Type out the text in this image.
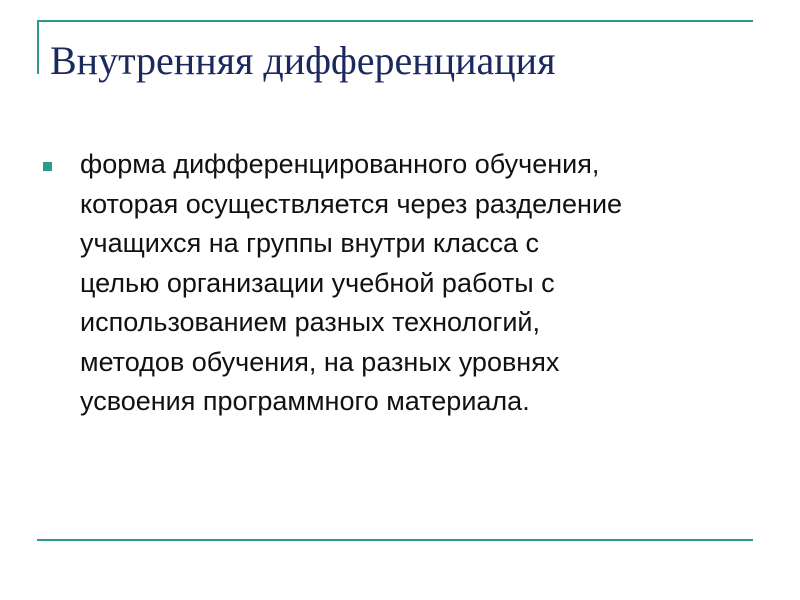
Внутренняя дифференциация
форма дифференцированного обучения,
которая осуществляется через разделение
учащихся на группы внутри класса с
целью организации учебной работы с
использованием разных технологий,
методов обучения, на разных уровнях
усвоения программного материала.
